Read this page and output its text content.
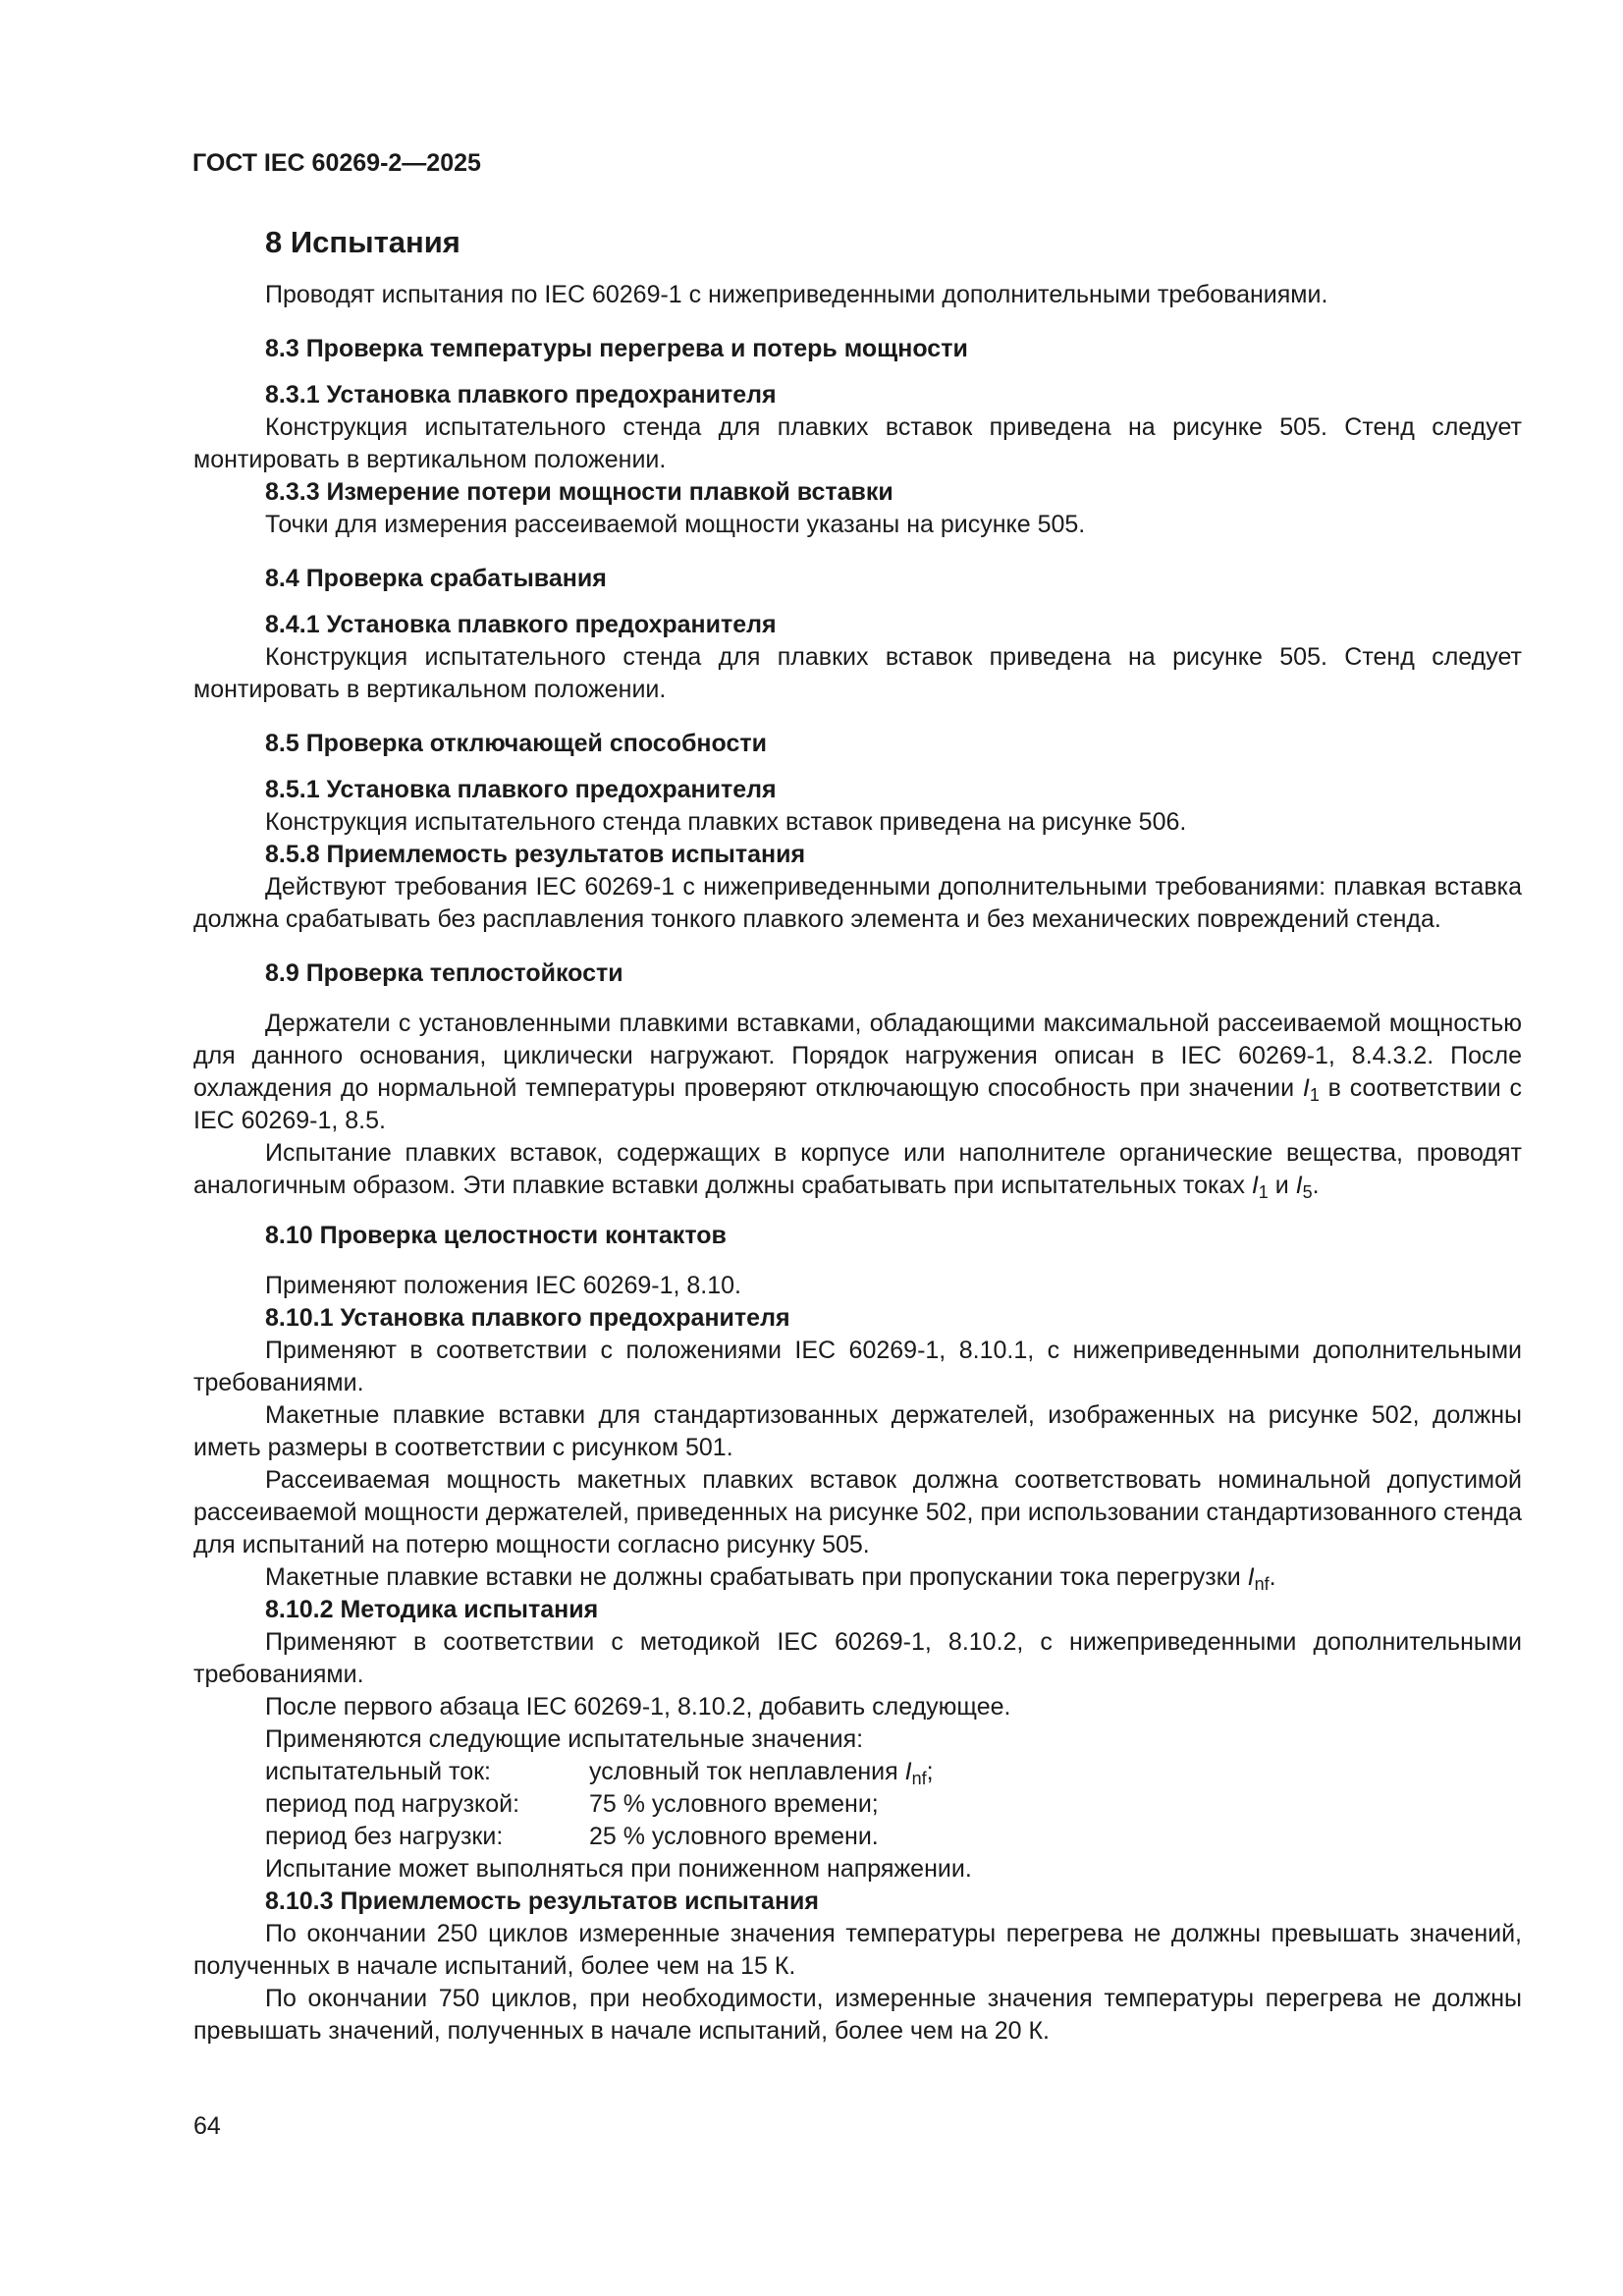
ГОСТ IEC 60269-2—2025
8 Испытания
Проводят испытания по IEC 60269-1 с нижеприведенными дополнительными требованиями.
8.3 Проверка температуры перегрева и потерь мощности
8.3.1 Установка плавкого предохранителя
Конструкция испытательного стенда для плавких вставок приведена на рисунке 505. Стенд следует монтировать в вертикальном положении.
8.3.3 Измерение потери мощности плавкой вставки
Точки для измерения рассеиваемой мощности указаны на рисунке 505.
8.4 Проверка срабатывания
8.4.1 Установка плавкого предохранителя
Конструкция испытательного стенда для плавких вставок приведена на рисунке 505. Стенд следует монтировать в вертикальном положении.
8.5 Проверка отключающей способности
8.5.1 Установка плавкого предохранителя
Конструкция испытательного стенда плавких вставок приведена на рисунке 506.
8.5.8 Приемлемость результатов испытания
Действуют требования IEC 60269-1 с нижеприведенными дополнительными требованиями: плавкая вставка должна срабатывать без расплавления тонкого плавкого элемента и без механических повреждений стенда.
8.9 Проверка теплостойкости
Держатели с установленными плавкими вставками, обладающими максимальной рассеиваемой мощностью для данного основания, циклически нагружают. Порядок нагружения описан в IEC 60269-1, 8.4.3.2. После охлаждения до нормальной температуры проверяют отключающую способность при значении $I_1$ в соответствии с IEC 60269-1, 8.5.
Испытание плавких вставок, содержащих в корпусе или наполнителе органические вещества, проводят аналогичным образом. Эти плавкие вставки должны срабатывать при испытательных токах $I_1$ и $I_5$.
8.10 Проверка целостности контактов
Применяют положения IEC 60269-1, 8.10.
8.10.1 Установка плавкого предохранителя
Применяют в соответствии с положениями IEC 60269-1, 8.10.1, с нижеприведенными дополнительными требованиями.
Макетные плавкие вставки для стандартизованных держателей, изображенных на рисунке 502, должны иметь размеры в соответствии с рисунком 501.
Рассеиваемая мощность макетных плавких вставок должна соответствовать номинальной допустимой рассеиваемой мощности держателей, приведенных на рисунке 502, при использовании стандартизованного стенда для испытаний на потерю мощности согласно рисунку 505.
Макетные плавкие вставки не должны срабатывать при пропускании тока перегрузки $I_{nf}$.
8.10.2 Методика испытания
Применяют в соответствии с методикой IEC 60269-1, 8.10.2, с нижеприведенными дополнительными требованиями.
После первого абзаца IEC 60269-1, 8.10.2, добавить следующее.
Применяются следующие испытательные значения:
испытательный ток:	условный ток неплавления $I_{nf}$;
период под нагрузкой:	75 % условного времени;
период без нагрузки:	25 % условного времени.
Испытание может выполняться при пониженном напряжении.
8.10.3 Приемлемость результатов испытания
По окончании 250 циклов измеренные значения температуры перегрева не должны превышать значений, полученных в начале испытаний, более чем на 15 К.
По окончании 750 циклов, при необходимости, измеренные значения температуры перегрева не должны превышать значений, полученных в начале испытаний, более чем на 20 К.
64
